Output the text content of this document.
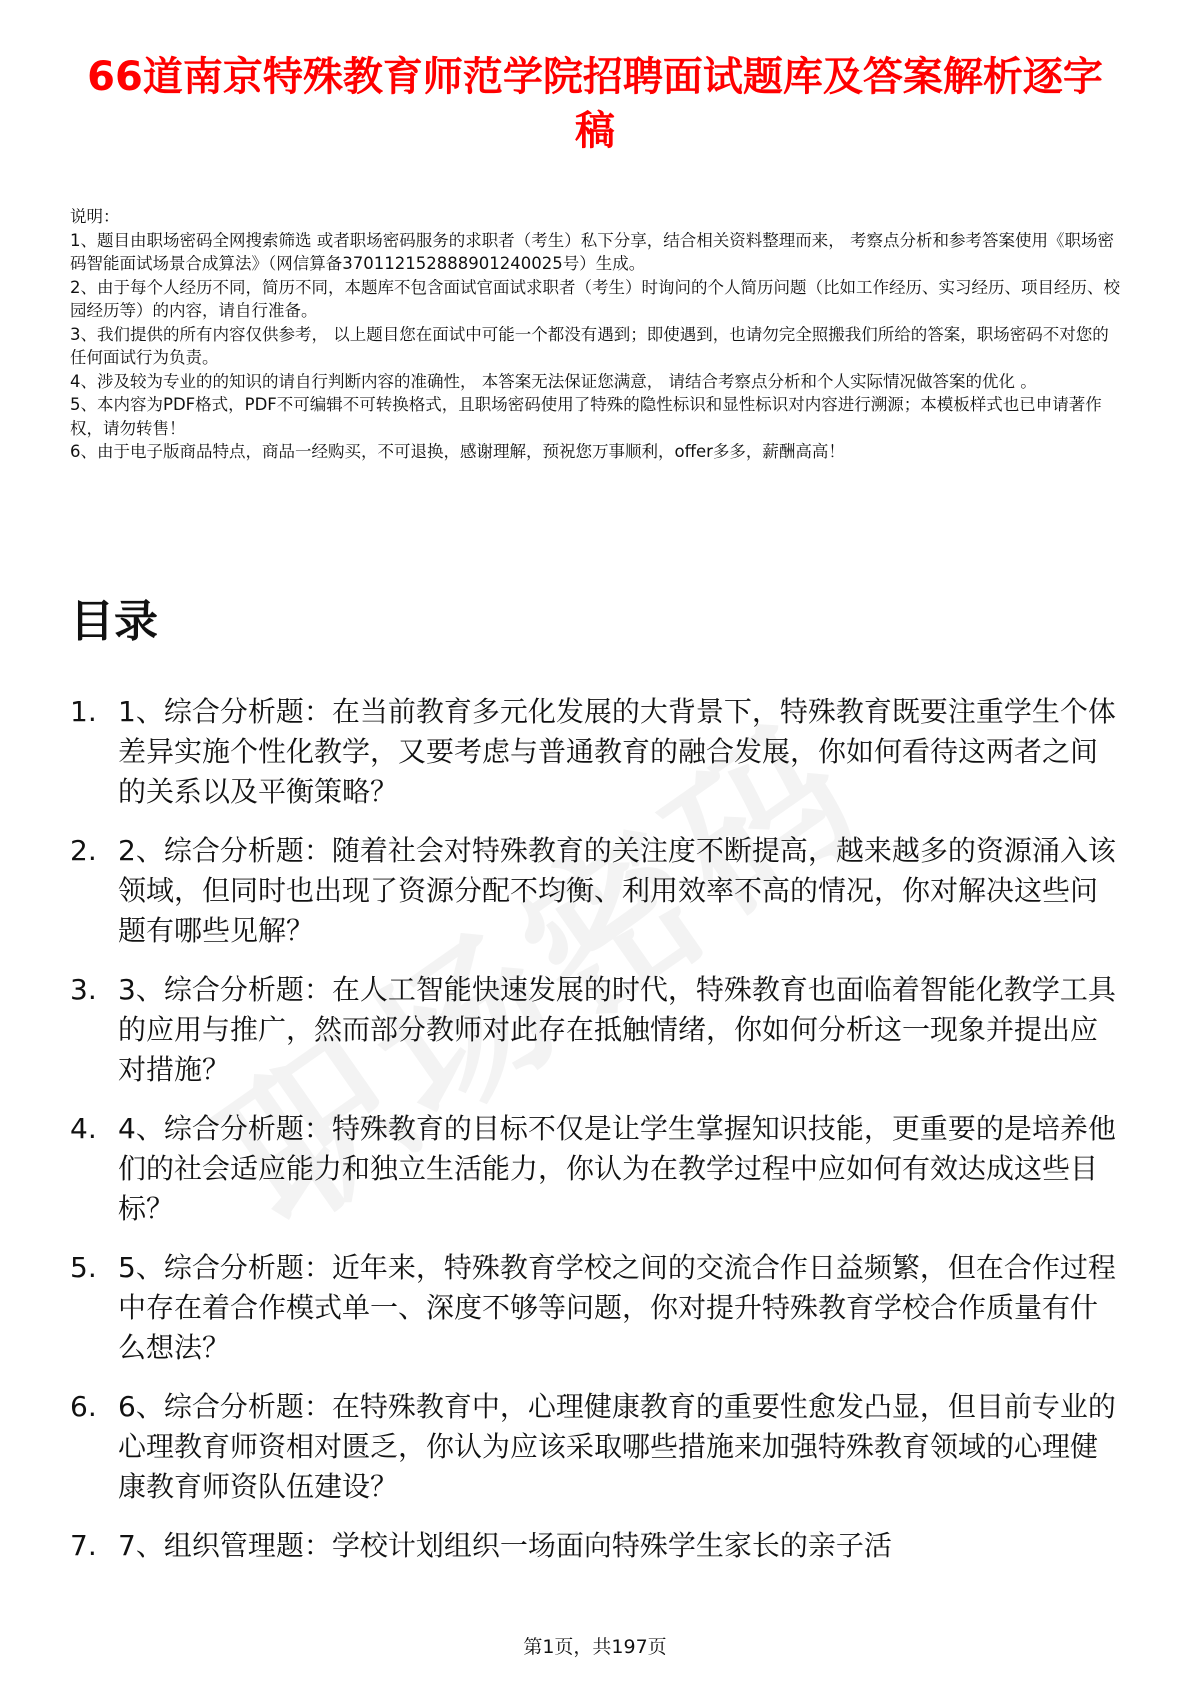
66道南京特殊教育师范学院招聘面试题库及答案解析逐字稿

说明：

1、题目由职场密码全网搜索筛选 或者职场密码服务的求职者（考生）私下分享，结合相关资料整理而来， 考察点分析和参考答案使用《职场密码智能面试场景合成算法》（网信算备370112152888901240025号）生成。

2、由于每个人经历不同，简历不同，本题库不包含面试官面试求职者（考生）时询问的个人简历问题（比如工作经历、实习经历、项目经历、校园经历等）的内容，请自行准备。

3、我们提供的所有内容仅供参考， 以上题目您在面试中可能一个都没有遇到；即使遇到，也请勿完全照搬我们所给的答案，职场密码不对您的任何面试行为负责。

4、涉及较为专业的的知识的请自行判断内容的准确性， 本答案无法保证您满意， 请结合考察点分析和个人实际情况做答案的优化 。

5、本内容为PDF格式，PDF不可编辑不可转换格式，且职场密码使用了特殊的隐性标识和显性标识对内容进行溯源；本模板样式也已申请著作权，请勿转售！

6、由于电子版商品特点，商品一经购买，不可退换，感谢理解，预祝您万事顺利，offer多多，薪酬高高！

目录
1. 1、综合分析题：在当前教育多元化发展的大背景下，特殊教育既要注重学生个体差异实施个性化教学，又要考虑与普通教育的融合发展，你如何看待这两者之间的关系以及平衡策略？
2. 2、综合分析题：随着社会对特殊教育的关注度不断提高，越来越多的资源涌入该领域，但同时也出现了资源分配不均衡、利用效率不高的情况，你对解决这些问题有哪些见解？
3. 3、综合分析题：在人工智能快速发展的时代，特殊教育也面临着智能化教学工具的应用与推广，然而部分教师对此存在抵触情绪，你如何分析这一现象并提出应对措施？
4. 4、综合分析题：特殊教育的目标不仅是让学生掌握知识技能，更重要的是培养他们的社会适应能力和独立生活能力，你认为在教学过程中应如何有效达成这些目标？
5. 5、综合分析题：近年来，特殊教育学校之间的交流合作日益频繁，但在合作过程中存在着合作模式单一、深度不够等问题，你对提升特殊教育学校合作质量有什么想法？
6. 6、综合分析题：在特殊教育中，心理健康教育的重要性愈发凸显，但目前专业的心理教育师资相对匮乏，你认为应该采取哪些措施来加强特殊教育领域的心理健康教育师资队伍建设？
7. 7、组织管理题：学校计划组织一场面向特殊学生家长的亲子活
第1页，共197页
